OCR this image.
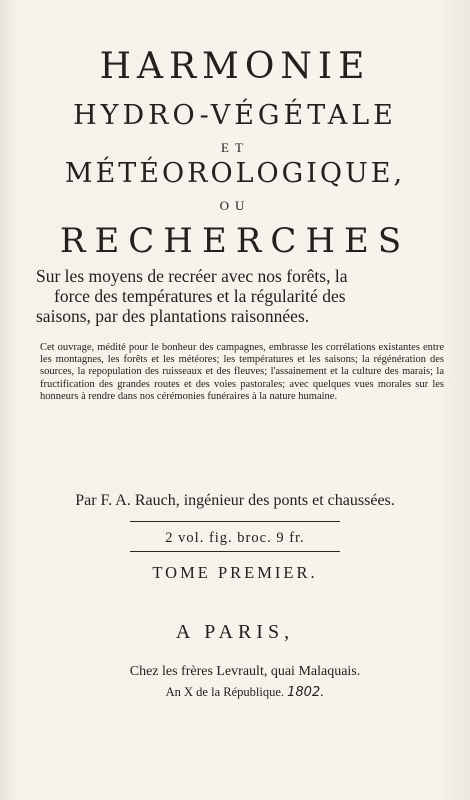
HARMONIE
HYDRO-VÉGÉTALE
ET
MÉTÉOROLOGIQUE,
OU
RECHERCHES
Sur les moyens de recréer avec nos forêts, la

force des températures et la régularité des
saisons, par des plantations raisonnées.
Cet ouvrage, médité pour le bonheur des campagnes, embrasse les corrélations existantes entre les montagnes, les forêts et les météores; les températures et les saisons; la régénération des sources, la repopulation des ruisseaux et des fleuves; l'assainement et la culture des marais; la fructification des grandes routes et des voies pastorales; avec quelques vues morales sur les honneurs à rendre dans nos cérémonies funéraires à la nature humaine.
Par F. A. Rauch, ingénieur des ponts et chaussées.
2 vol. fig. broc. 9 fr.
TOME PREMIER.
A PARIS,
Chez les frères Levrault, quai Malaquais.
An X de la République. 1802.
